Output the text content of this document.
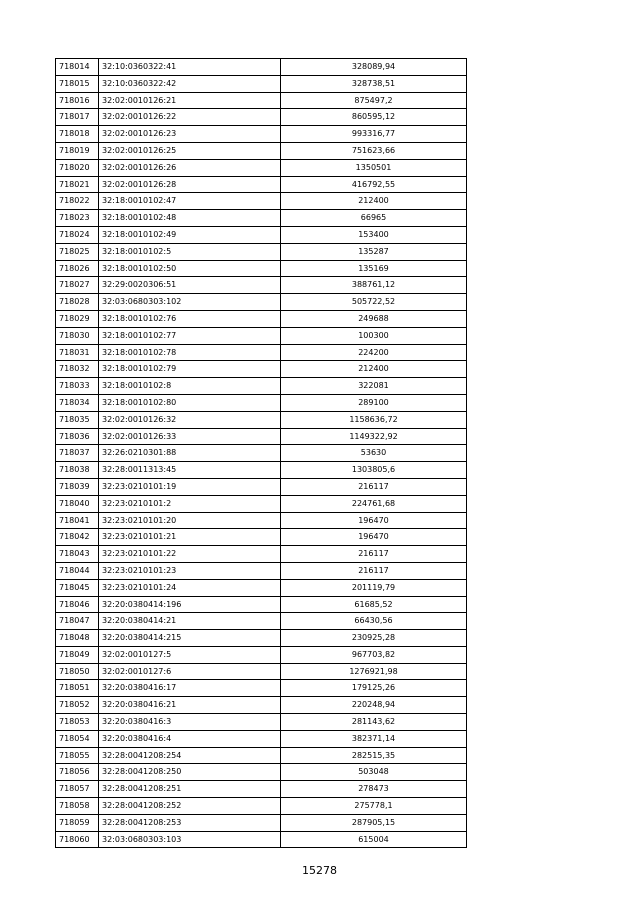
718014	32:10:0360322:41	328089,94
718015	32:10:0360322:42	328738,51
718016	32:02:0010126:21	875497,2
718017	32:02:0010126:22	860595,12
718018	32:02:0010126:23	993316,77
718019	32:02:0010126:25	751623,66
718020	32:02:0010126:26	1350501
718021	32:02:0010126:28	416792,55
718022	32:18:0010102:47	212400
718023	32:18:0010102:48	66965
718024	32:18:0010102:49	153400
718025	32:18:0010102:5	135287
718026	32:18:0010102:50	135169
718027	32:29:0020306:51	388761,12
718028	32:03:0680303:102	505722,52
718029	32:18:0010102:76	249688
718030	32:18:0010102:77	100300
718031	32:18:0010102:78	224200
718032	32:18:0010102:79	212400
718033	32:18:0010102:8	322081
718034	32:18:0010102:80	289100
718035	32:02:0010126:32	1158636,72
718036	32:02:0010126:33	1149322,92
718037	32:26:0210301:88	53630
718038	32:28:0011313:45	1303805,6
718039	32:23:0210101:19	216117
718040	32:23:0210101:2	224761,68
718041	32:23:0210101:20	196470
718042	32:23:0210101:21	196470
718043	32:23:0210101:22	216117
718044	32:23:0210101:23	216117
718045	32:23:0210101:24	201119,79
718046	32:20:0380414:196	61685,52
718047	32:20:0380414:21	66430,56
718048	32:20:0380414:215	230925,28
718049	32:02:0010127:5	967703,82
718050	32:02:0010127:6	1276921,98
718051	32:20:0380416:17	179125,26
718052	32:20:0380416:21	220248,94
718053	32:20:0380416:3	281143,62
718054	32:20:0380416:4	382371,14
718055	32:28:0041208:254	282515,35
718056	32:28:0041208:250	503048
718057	32:28:0041208:251	278473
718058	32:28:0041208:252	275778,1
718059	32:28:0041208:253	287905,15
718060	32:03:0680303:103	615004
15278
